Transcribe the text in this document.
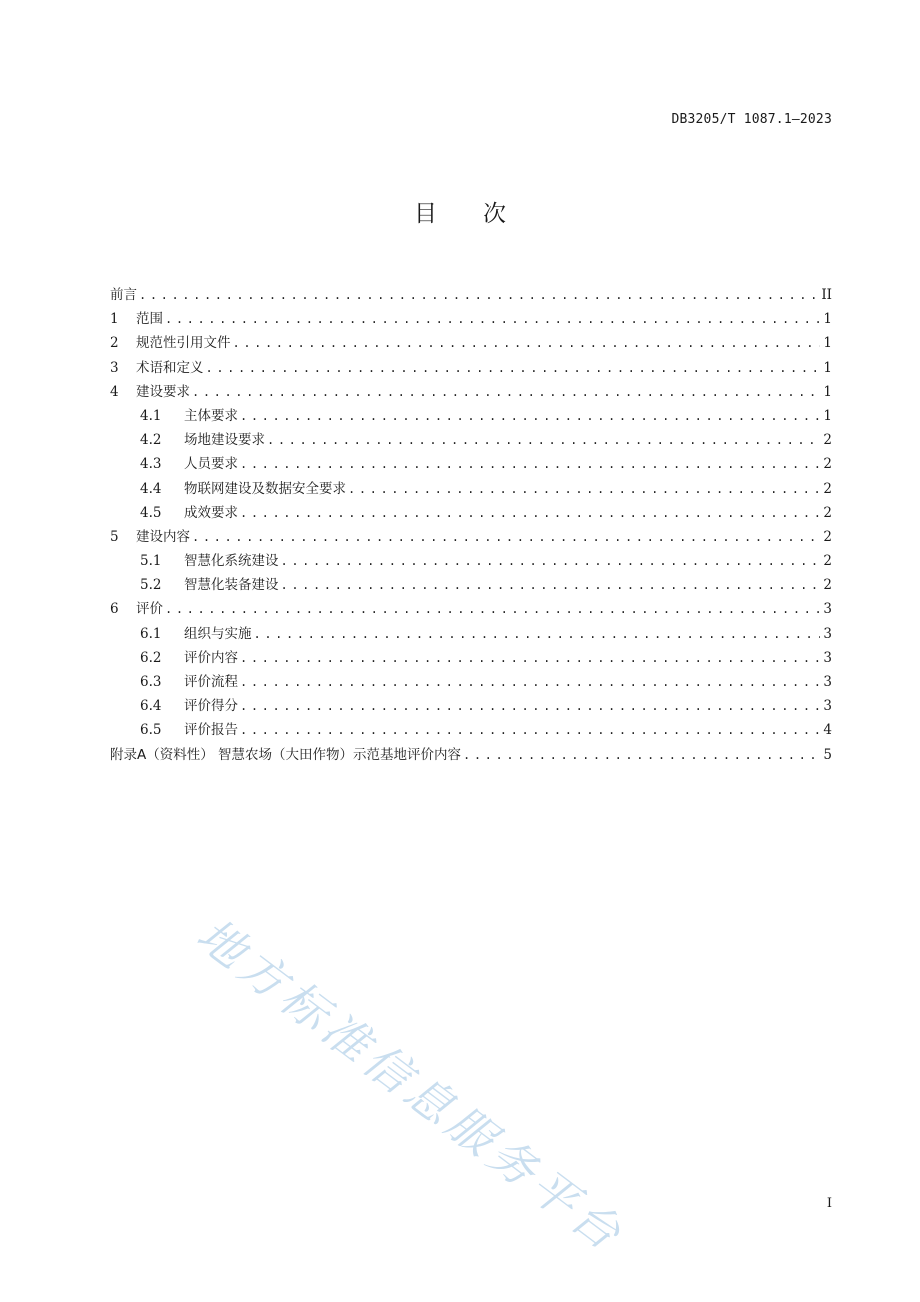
DB3205/T 1087.1—2023
目次
前言 .....	II
1	范围 .....	1
2	规范性引用文件 .....	1
3	术语和定义 .....	1
4	建设要求 .....	1
4.1	主体要求 .....	1
4.2	场地建设要求 .....	2
4.3	人员要求 .....	2
4.4	物联网建设及数据安全要求 .....	2
4.5	成效要求 .....	2
5	建设内容 .....	2
5.1	智慧化系统建设 .....	2
5.2	智慧化装备建设 .....	2
6	评价 .....	3
6.1	组织与实施 .....	3
6.2	评价内容 .....	3
6.3	评价流程 .....	3
6.4	评价得分 .....	3
6.5	评价报告 .....	4
附录A（资料性） 智慧农场（大田作物）示范基地评价内容 .....	5
地方标准信息服务平台	I
